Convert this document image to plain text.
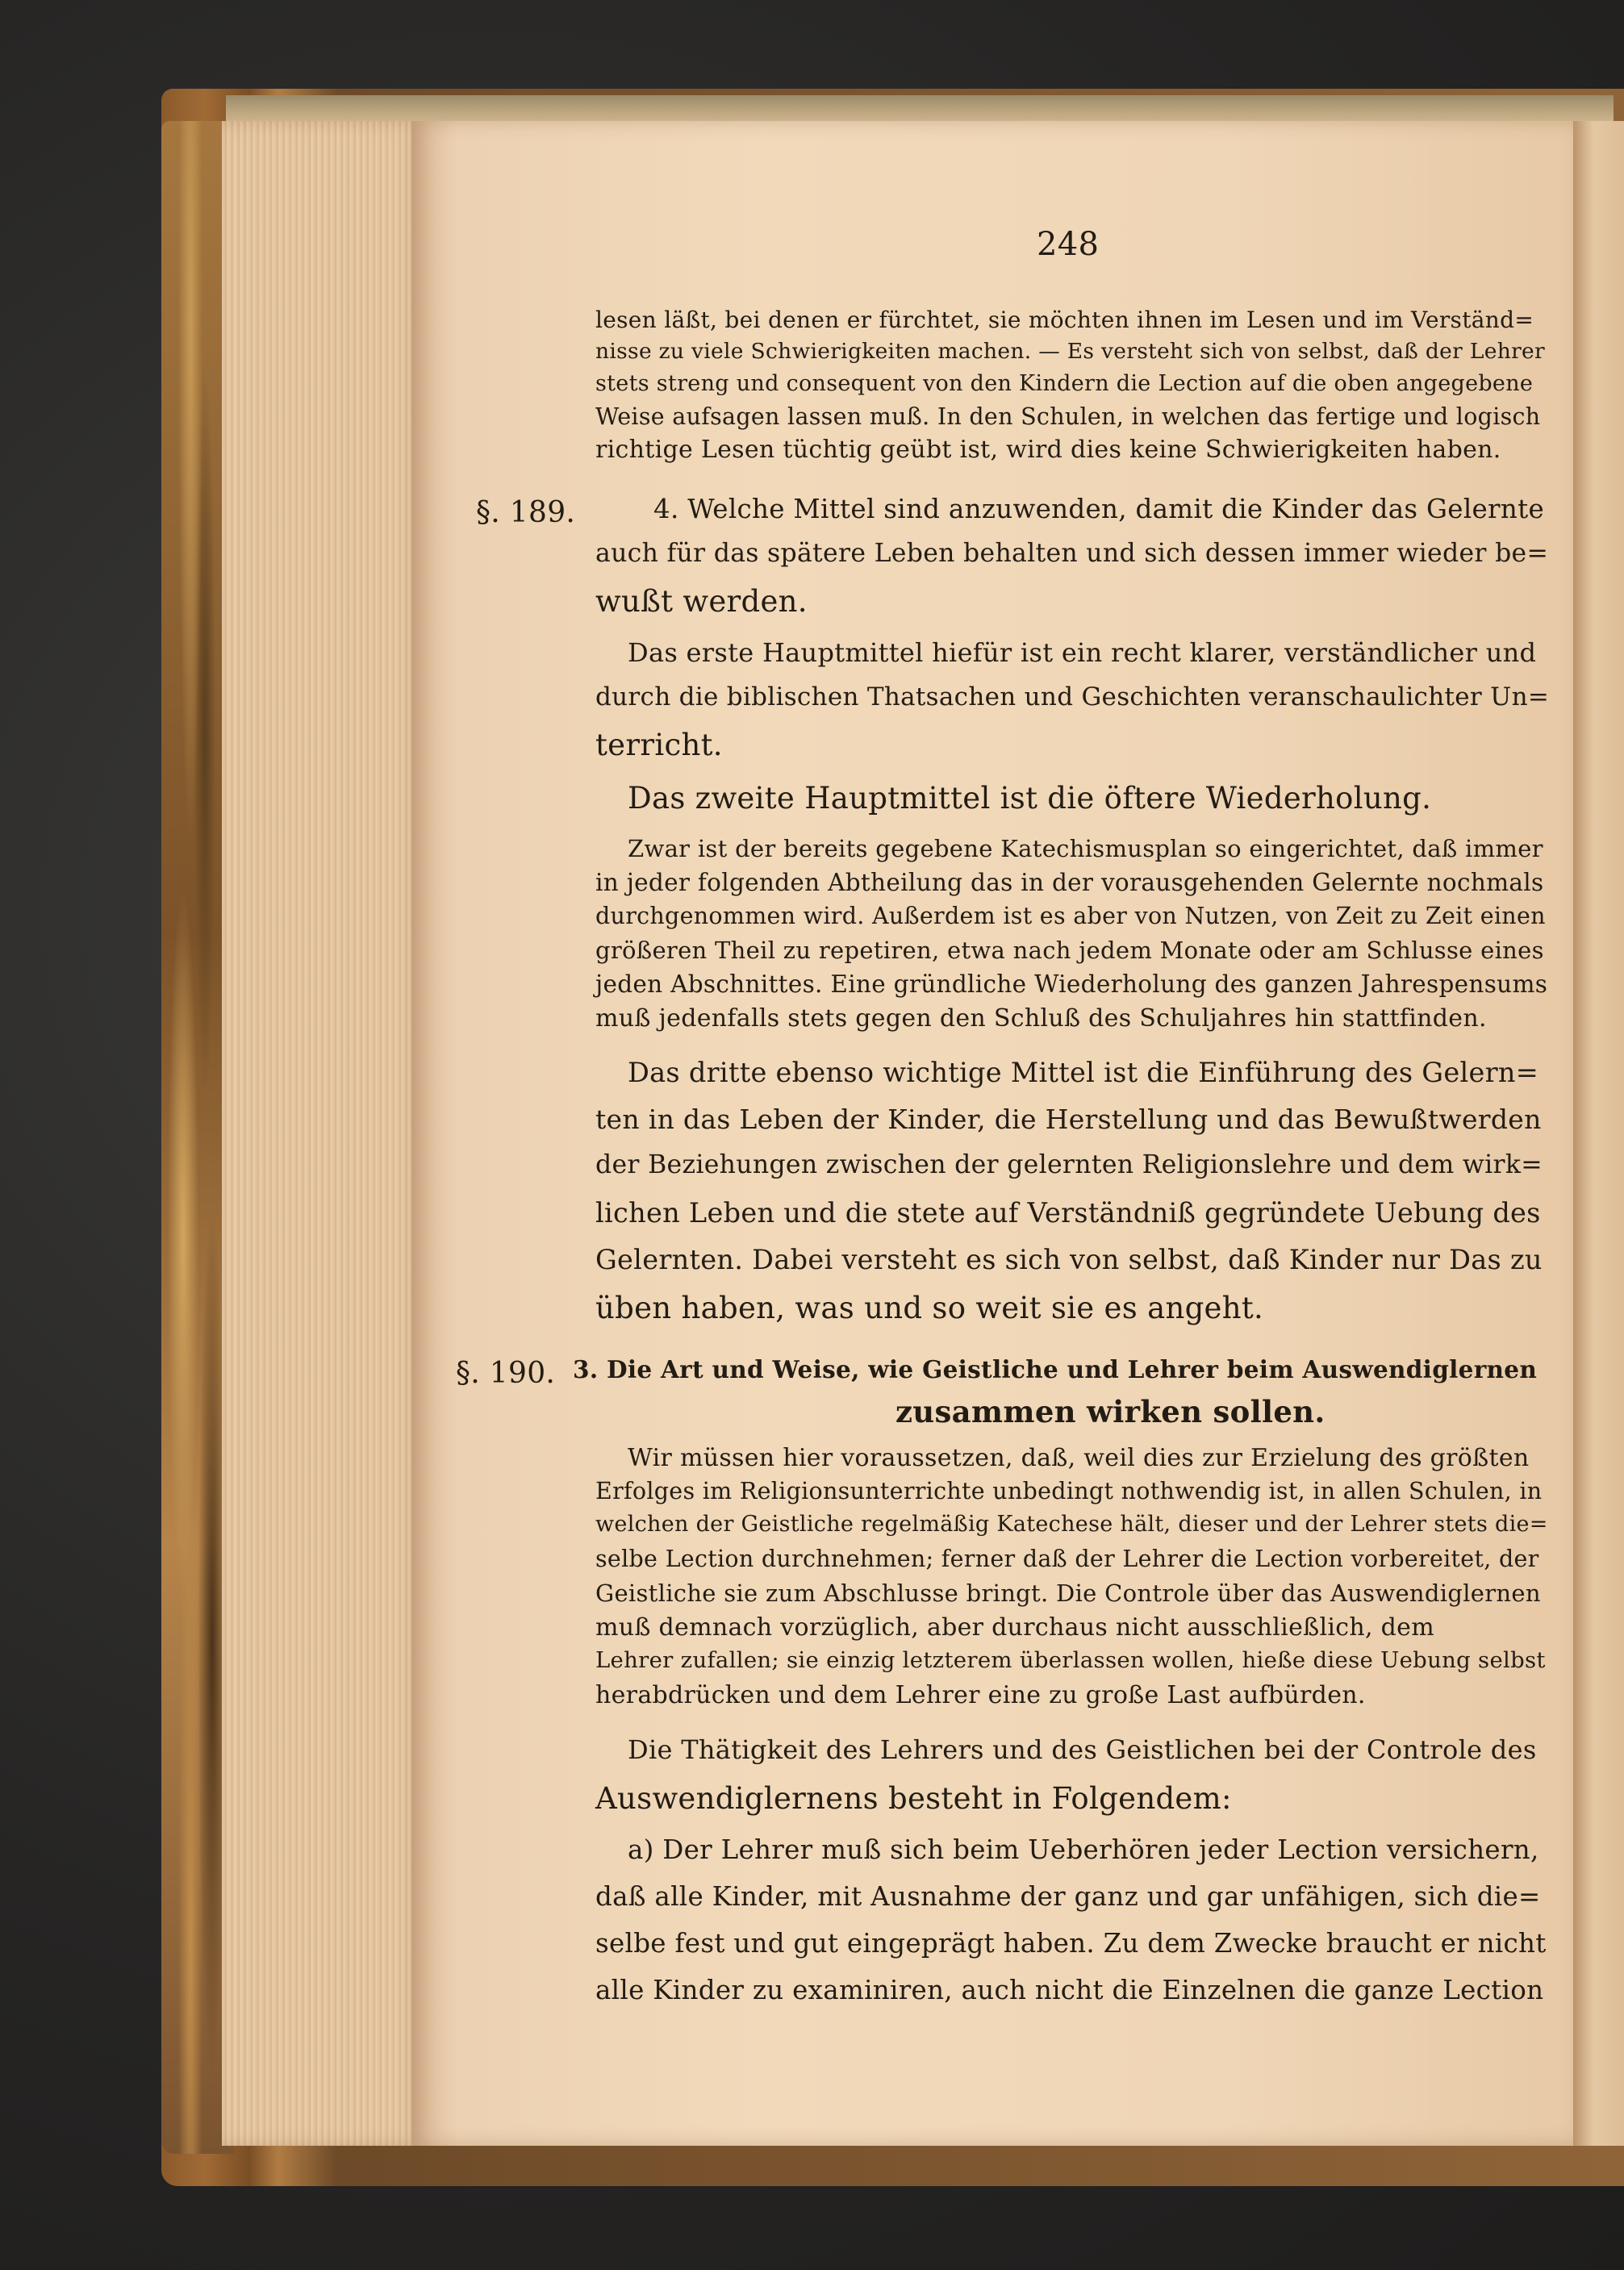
248
lesen läßt, bei denen er fürchtet, sie möchten ihnen im Lesen und im Verständ=
nisse zu viele Schwierigkeiten machen. — Es versteht sich von selbst, daß der Lehrer
stets streng und consequent von den Kindern die Lection auf die oben angegebene
Weise aufsagen lassen muß. In den Schulen, in welchen das fertige und logisch
richtige Lesen tüchtig geübt ist, wird dies keine Schwierigkeiten haben.
§. 189.	4. Welche Mittel sind anzuwenden, damit die Kinder das Gelernte
auch für das spätere Leben behalten und sich dessen immer wieder be=
wußt werden.
Das erste Hauptmittel hiefür ist ein recht klarer, verständlicher und
durch die biblischen Thatsachen und Geschichten veranschaulichter Un=
terricht.
Das zweite Hauptmittel ist die öftere Wiederholung.
Zwar ist der bereits gegebene Katechismusplan so eingerichtet, daß immer
in jeder folgenden Abtheilung das in der vorausgehenden Gelernte nochmals
durchgenommen wird. Außerdem ist es aber von Nutzen, von Zeit zu Zeit einen
größeren Theil zu repetiren, etwa nach jedem Monate oder am Schlusse eines
jeden Abschnittes. Eine gründliche Wiederholung des ganzen Jahrespensums
muß jedenfalls stets gegen den Schluß des Schuljahres hin stattfinden.
Das dritte ebenso wichtige Mittel ist die Einführung des Gelern=
ten in das Leben der Kinder, die Herstellung und das Bewußtwerden
der Beziehungen zwischen der gelernten Religionslehre und dem wirk=
lichen Leben und die stete auf Verständniß gegründete Uebung des
Gelernten. Dabei versteht es sich von selbst, daß Kinder nur Das zu
üben haben, was und so weit sie es angeht.
§. 190. 3. Die Art und Weise, wie Geistliche und Lehrer beim Auswendiglernen
zusammen wirken sollen.
Wir müssen hier voraussetzen, daß, weil dies zur Erzielung des größten
Erfolges im Religionsunterrichte unbedingt nothwendig ist, in allen Schulen, in
welchen der Geistliche regelmäßig Katechese hält, dieser und der Lehrer stets die=
selbe Lection durchnehmen; ferner daß der Lehrer die Lection vorbereitet, der
Geistliche sie zum Abschlusse bringt. Die Controle über das Auswendiglernen
muß demnach vorzüglich, aber durchaus nicht ausschließlich, dem
Lehrer zufallen; sie einzig letzterem überlassen wollen, hieße diese Uebung selbst
herabdrücken und dem Lehrer eine zu große Last aufbürden.
Die Thätigkeit des Lehrers und des Geistlichen bei der Controle des
Auswendiglernens besteht in Folgendem:
a) Der Lehrer muß sich beim Ueberhören jeder Lection versichern,
daß alle Kinder, mit Ausnahme der ganz und gar unfähigen, sich die=
selbe fest und gut eingeprägt haben. Zu dem Zwecke braucht er nicht
alle Kinder zu examiniren, auch nicht die Einzelnen die ganze Lection
